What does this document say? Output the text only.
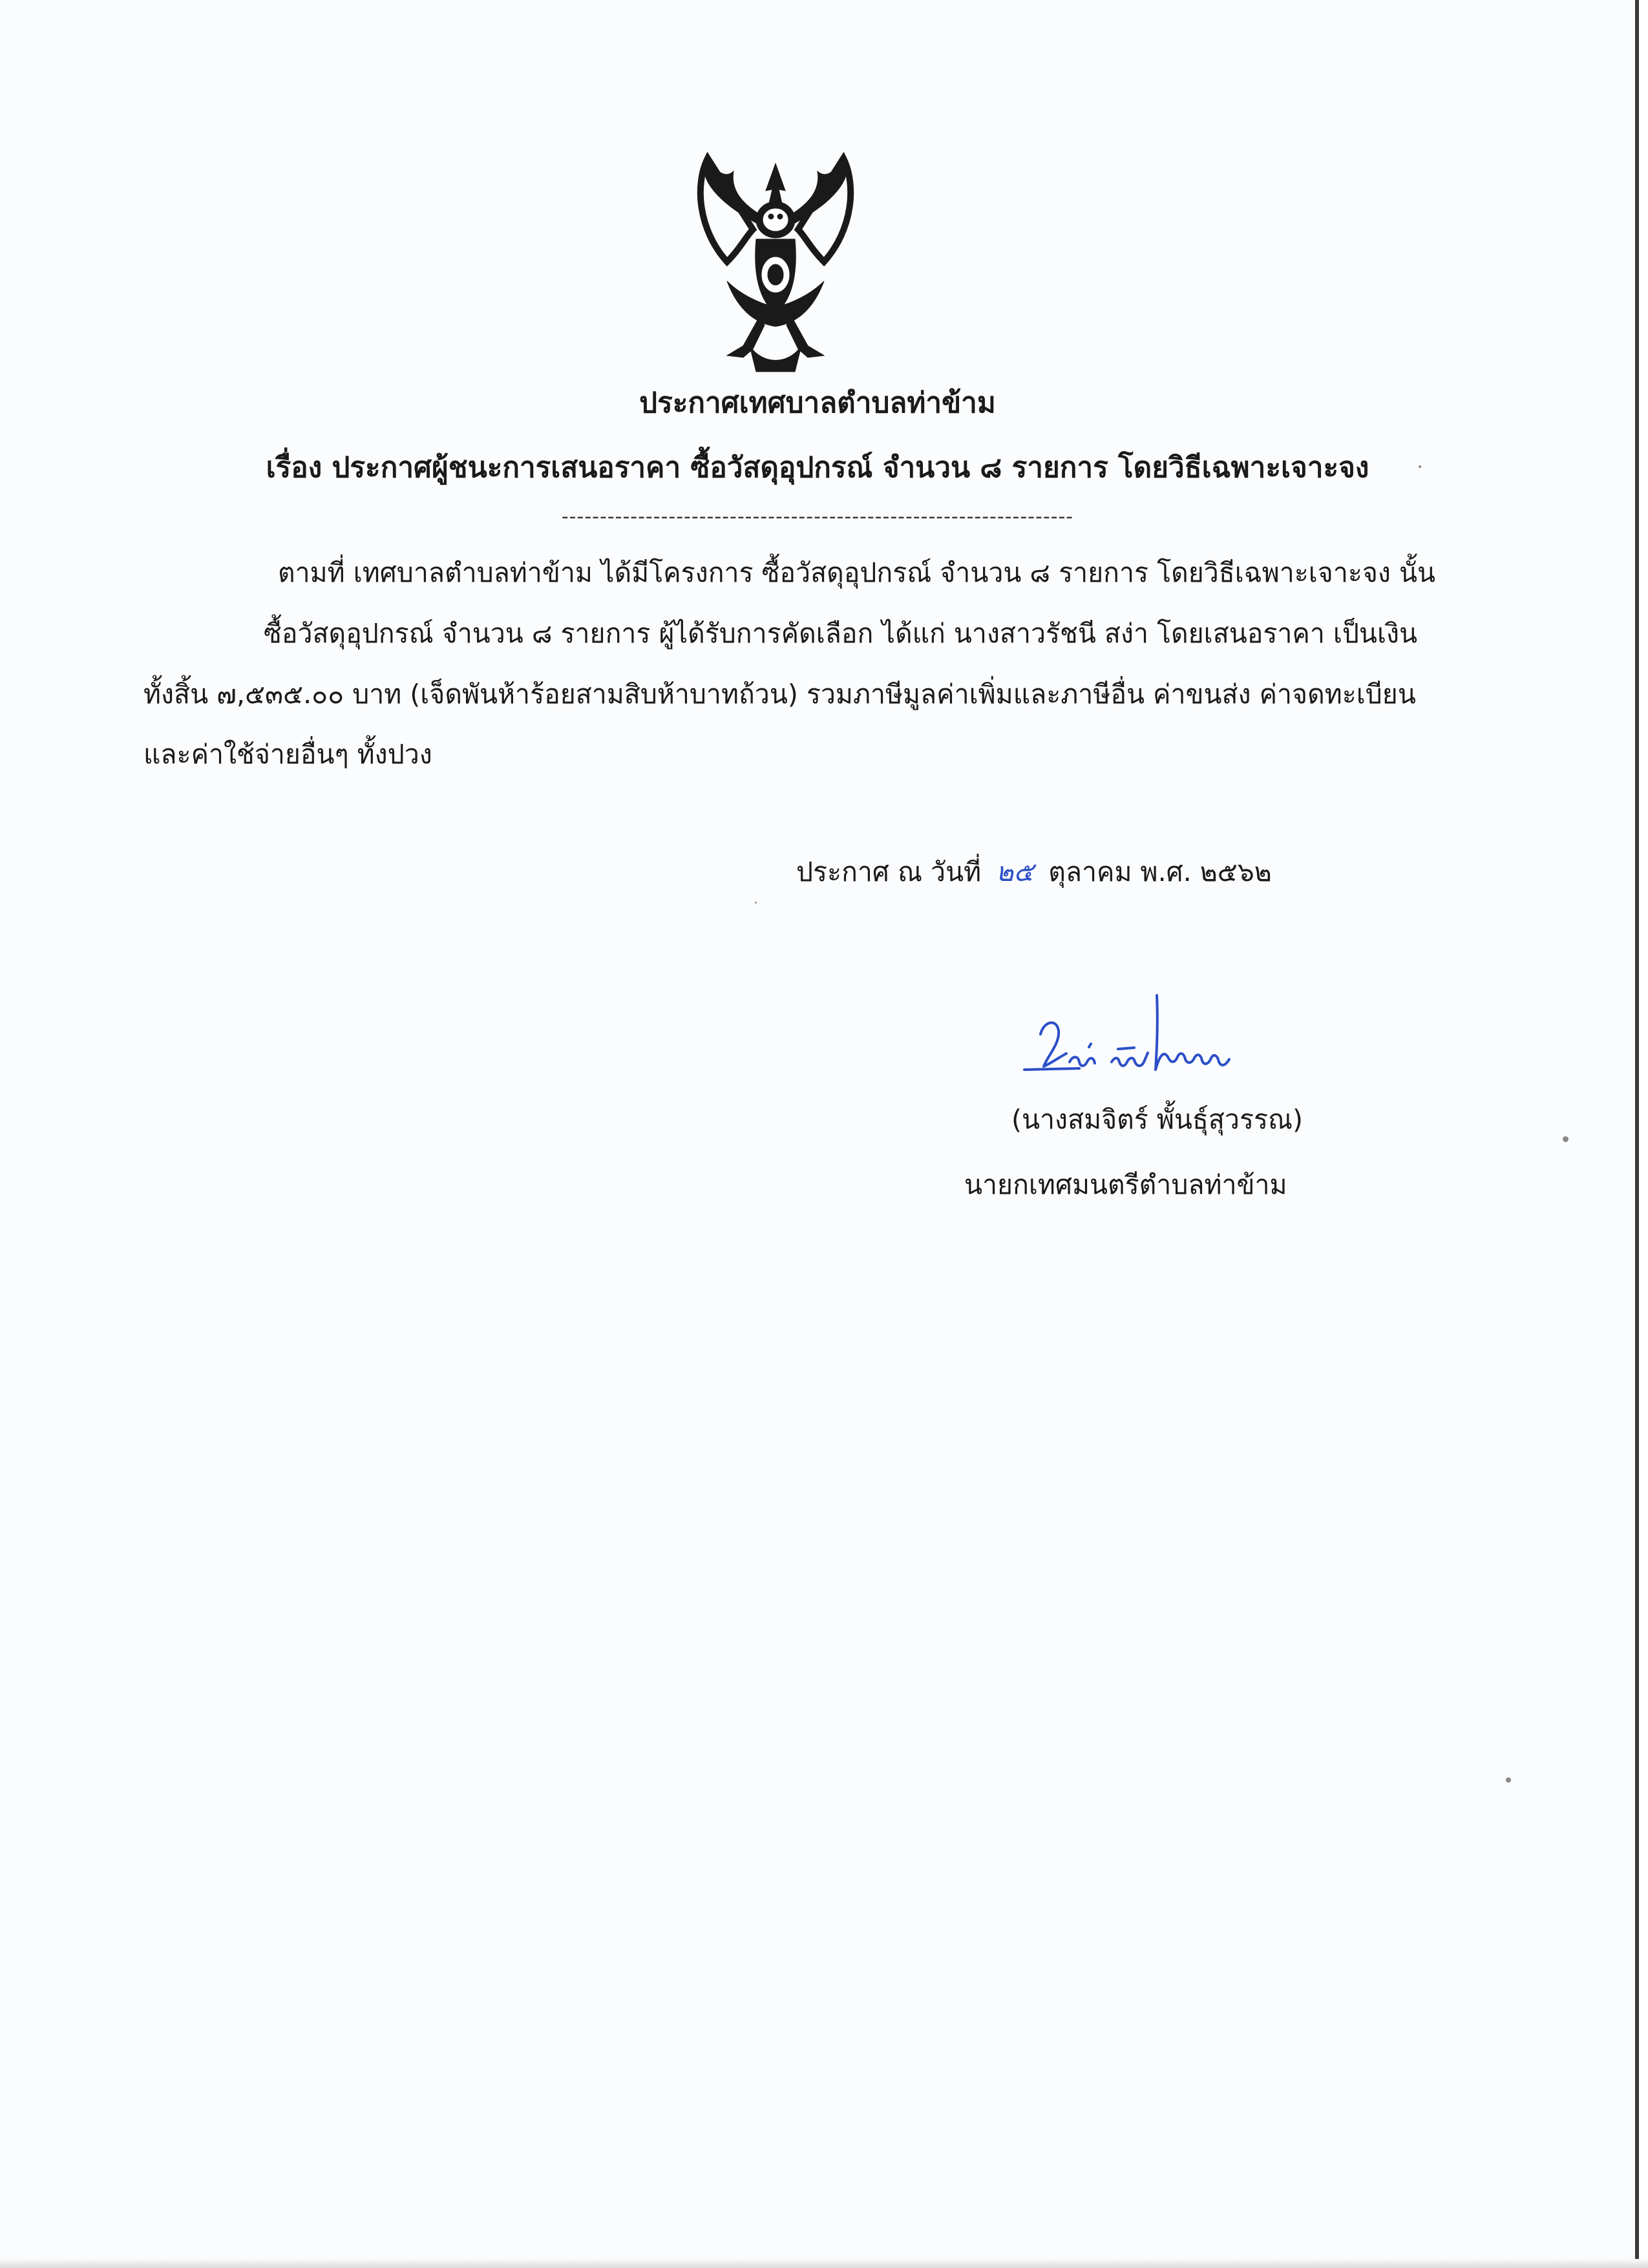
ประกาศเทศบาลตำบลท่าข้าม
เรื่อง ประกาศผู้ชนะการเสนอราคา ซื้อวัสดุอุปกรณ์ จำนวน ๘ รายการ โดยวิธีเฉพาะเจาะจง
-------------------------------------------------------------------
ตามที่ เทศบาลตำบลท่าข้าม ได้มีโครงการ ซื้อวัสดุอุปกรณ์ จำนวน ๘ รายการ โดยวิธีเฉพาะเจาะจง นั้น
ซื้อวัสดุอุปกรณ์ จำนวน ๘ รายการ ผู้ได้รับการคัดเลือก ได้แก่ นางสาวรัชนี สง่า โดยเสนอราคา เป็นเงิน
ทั้งสิ้น ๗,๕๓๕.๐๐ บาท (เจ็ดพันห้าร้อยสามสิบห้าบาทถ้วน) รวมภาษีมูลค่าเพิ่มและภาษีอื่น ค่าขนส่ง ค่าจดทะเบียน
และค่าใช้จ่ายอื่นๆ ทั้งปวง
ประกาศ ณ วันที่ ๒๕ ตุลาคม พ.ศ. ๒๕๖๒
(นางสมจิตร์ พั้นธุ์สุวรรณ)
นายกเทศมนตรีตำบลท่าข้าม
